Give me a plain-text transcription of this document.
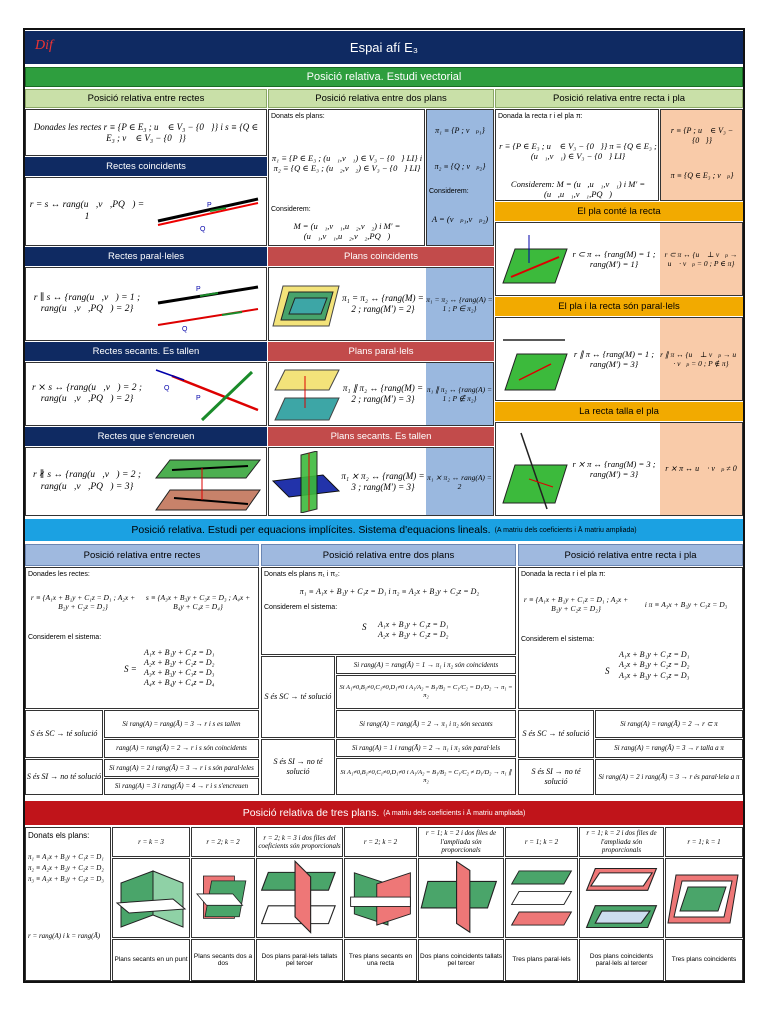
Dif	Espai afí E₃
Posició relativa. Estudi vectorial
Posició relativa entre rectes	Posició relativa entre dos plans	Posició relativa entre recta i pla
Donades les rectes r ≡ {P ∈ E₃ ; u⃗ ∈ V₃ − {0⃗}} i s ≡ {Q ∈ E₃ ; v⃗ ∈ V₃ − {0⃗}}
Rectes coincidents
r = s ↔ rang(u⃗,v⃗,PQ⃗) = 1
P
Q
Rectes paral·leles
r ∥ s ↔ {rang(u⃗,v⃗) = 1 ; rang(u⃗,v⃗,PQ⃗) = 2}
P
Q
Rectes secants. Es tallen
r ⨯ s ↔ {rang(u⃗,v⃗) = 2 ; rang(u⃗,v⃗,PQ⃗) = 2}
Q
P
Rectes que s'encreuen
r ∦ s ↔ {rang(u⃗,v⃗) = 2 ; rang(u⃗,v⃗,PQ⃗) = 3}
Donats els plans:
π₁ ≡ {P ∈ E₃ ; (u⃗₁,v⃗₁) ∈ V₃ − {0⃗} LI} i π₂ ≡ {Q ∈ E₃ ; (u⃗₂,v⃗₂) ∈ V₃ − {0⃗} LI}
Considerem:
M = (u⃗₁,v⃗₁,u⃗₂,v⃗₂) i M′ = (u⃗₁,v⃗₁,u⃗₂,v⃗₂,PQ⃗)
π₁ ≡ {P ; v⃗ₚ₁}
π₂ ≡ {Q ; v⃗ₚ₂}
Considerem:
A = (v⃗ₚ₁,v⃗ₚ₂)
Plans coincidents
π₁ = π₂ ↔ {rang(M) = 2 ; rang(M′) = 2}
π₁ = π₂ ↔ {rang(A) = 1 ; P ∈ π₂}
Plans paral·lels
π₁ ∥ π₂ ↔ {rang(M) = 2 ; rang(M′) = 3}
π₁ ∥ π₂ ↔ {rang(A) = 1 ; P ∉ π₂}
Plans secants. Es tallen
π₁ ⨯ π₂ ↔ {rang(M) = 3 ; rang(M′) = 3}
π₁ ⨯ π₂ ↔ rang(A) = 2
Donada la recta r i el pla π:
r ≡ {P ∈ E₃ ; u⃗ ∈ V₃ − {0⃗}} π ≡ {Q ∈ E₃ ; (u⃗₁,v⃗₁) ∈ V₃ − {0⃗} LI}
Considerem: M = (u⃗,u⃗₁,v⃗₁) i M′ = (u⃗,u⃗₁,v⃗₁,PQ⃗)
r ≡ {P ; u⃗ ∈ V₃ − {0⃗}}
π ≡ {Q ∈ E₃ ; v⃗ₚ}
El pla conté la recta
r ⊂ π ↔ {rang(M) = 1 ; rang(M′) = 1}
r ⊂ π ↔ {u⃗ ⊥ v⃗ₚ → u⃗ · v⃗ₚ = 0 ; P ∈ π}
El pla i la recta són paral·lels
r ∥ π ↔ {rang(M) = 1 ; rang(M′) = 3}
r ∥ π ↔ {u⃗ ⊥ v⃗ₚ → u⃗ · v⃗ₚ = 0 ; P ∉ π}
La recta talla el pla
r ⨯ π ↔ {rang(M) = 3 ; rang(M′) = 3}
r ⨯ π ↔ u⃗ · v⃗ₚ ≠ 0
Posició relativa. Estudi per equacions implícites. Sistema d'equacions lineals. (A matriu dels coeficients i Ā matriu ampliada)
Posició relativa entre rectes	Posició relativa entre dos plans	Posició relativa entre recta i pla
Donades les rectes:
r ≡ {A₁x + B₁y + C₁z = D₁ ; A₂x + B₂y + C₂z = D₂}
s ≡ {A₃x + B₃y + C₃z = D₃ ; A₄x + B₄y + C₄z = D₄}
Considerem el sistema:
A₁x + B₁y + C₁z = D₁
A₂x + B₂y + C₂z = D₂
A₃x + B₃y + C₃z = D₃
A₄x + B₄y + C₄z = D₄
S =
S és SC → té solució
Si rang(A) = rang(Ā) = 3 → r i s es tallen
rang(A) = rang(Ā) = 2 → r i s són coincidents
S és SI → no té solució
Si rang(A) = 2 i rang(Ā) = 3 → r i s són paral·leles
Si rang(A) = 3 i rang(Ā) = 4 → r i s s'encreuen
Donats els plans π₁ i π₂:
π₁ ≡ A₁x + B₁y + C₁z = D₁ i π₂ ≡ A₂x + B₂y + C₂z = D₂
Considerem el sistema:
S A₁x + B₁y + C₁z = D₁
A₂x + B₂y + C₂z = D₂
S és SC → té solució
Si rang(A) = rang(Ā) = 1 → π₁ i π₂ són coincidents
Si A₁≠0,B₁≠0,C₁≠0,D₁≠0 i A₁/A₂ = B₁/B₂ = C₁/C₂ = D₁/D₂ → π₁ = π₂
Si rang(A) = rang(Ā) = 2 → π₁ i π₂ són secants
S és SI → no té solució
Si rang(A) = 1 i rang(Ā) = 2 → π₁ i π₂ són paral·lels
Si A₁≠0,B₁≠0,C₁≠0,D₁≠0 i A₁/A₂ = B₁/B₂ = C₁/C₂ ≠ D₁/D₂ → π₁ ∥ π₂
Donada la recta r i el pla π:
r ≡ {A₁x + B₁y + C₁z = D₁ ; A₂x + B₂y + C₂z = D₂}	i π ≡ A₃x + B₃y + C₃z = D₃
Considerem el sistema:
S
A₁x + B₁y + C₁z = D₁
A₂x + B₂y + C₂z = D₂
A₃x + B₃y + C₃z = D₃
S és SC → té solució
Si rang(A) = rang(Ā) = 2 → r ⊂ π
Si rang(A) = rang(Ā) = 3 → r talla a π
S és SI → no té solució
Si rang(A) = 2 i rang(Ā) = 3 → r és paral·lela a π
Posició relativa de tres plans. (A matriu dels coeficients i Ā matriu ampliada)
Donats els plans:
π₁ ≡ A₁x + B₁y + C₁z = D₁
π₂ ≡ A₂x + B₂y + C₂z = D₂
π₃ ≡ A₃x + B₃y + C₃z = D₃
r = rang(A) i k = rang(Ā)
r = k = 3
Plans secants en un punt
r = 2; k = 2
Plans secants dos a dos
r = 2; k = 3 i dos files del coeficients són proporcionals
Dos plans paral·lels tallats pel tercer
r = 2; k = 2
Tres plans secants en una recta
r = 1; k = 2 i dos files de l'ampliada són proporcionals
Dos plans coincidents tallats pel tercer
r = 1; k = 2
Tres plans paral·lels
r = 1; k = 2 i dos files de l'ampliada són proporcionals
Dos plans coincidents paral·lels al tercer
r = 1; k = 1
Tres plans coincidents
